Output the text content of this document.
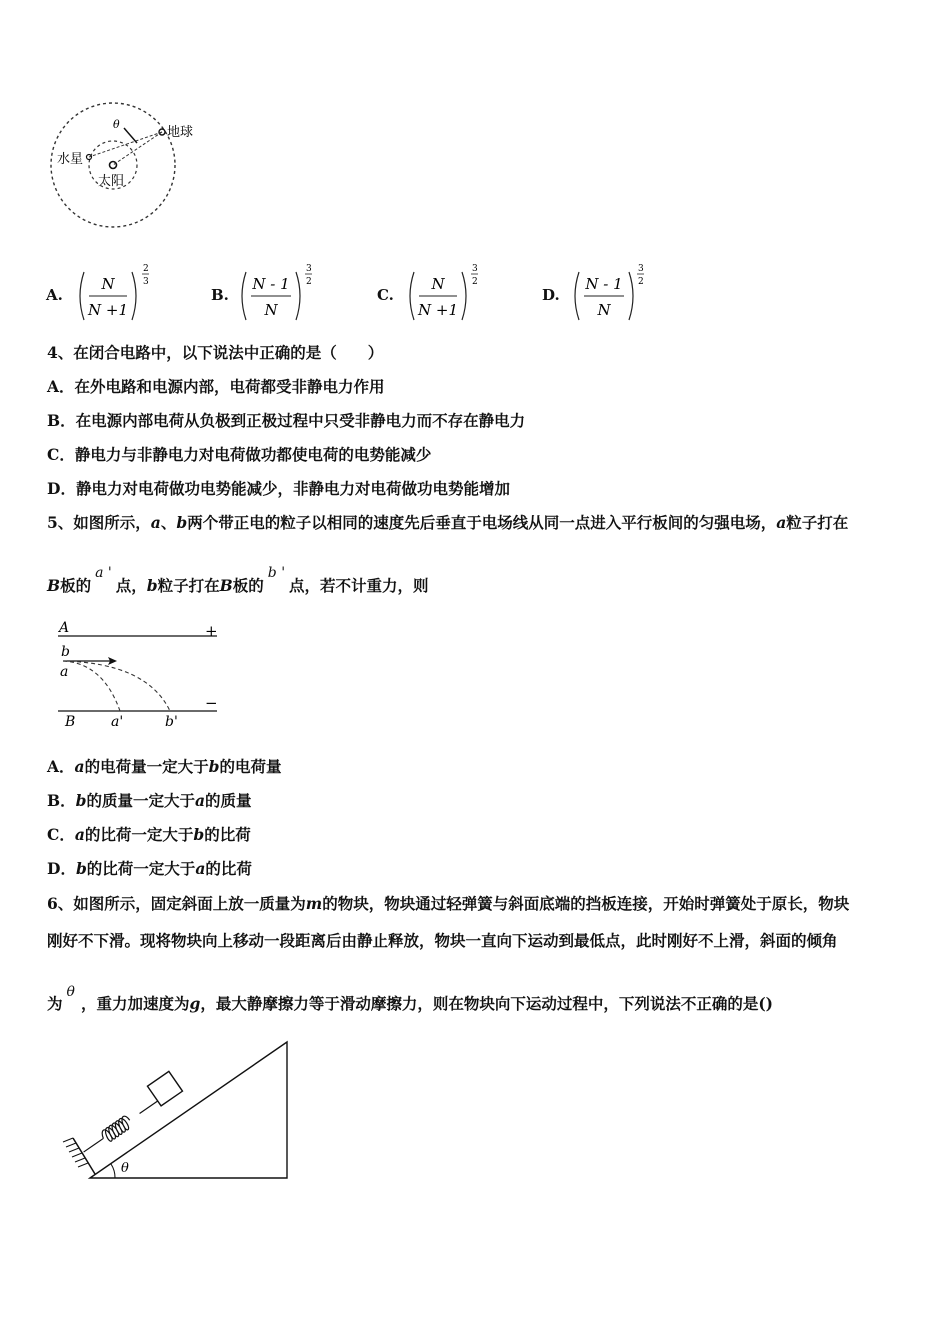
θ
地球
水星
太阳
A.
N
N +1
2
3
B.
N - 1
N
3
2
C.
N
N +1
3
2
D.
N - 1
N
3
2
4、在闭合电路中，以下说法中正确的是（　　）
A．在外电路和电源内部，电荷都受非静电力作用
B．在电源内部电荷从负极到正极过程中只受非静电力而不存在静电力
C．静电力与非静电力对电荷做功都使电荷的电势能减少
D．静电力对电荷做功电势能减少，非静电力对电荷做功电势能增加
5、如图所示，a、b两个带正电的粒子以相同的速度先后垂直于电场线从同一点进入平行板间的匀强电场，a粒子打在
B板的a '点，b粒子打在B板的b '点，若不计重力，则
A	+
b
a
B	a'	b'
−
A．a的电荷量一定大于b的电荷量
B．b的质量一定大于a的质量
C．a的比荷一定大于b的比荷
D．b的比荷一定大于a的比荷
6、如图所示，固定斜面上放一质量为m的物块，物块通过轻弹簧与斜面底端的挡板连接，开始时弹簧处于原长，物块
刚好不下滑。现将物块向上移动一段距离后由静止释放，物块一直向下运动到最低点，此时刚好不上滑，斜面的倾角
为θ，重力加速度为g，最大静摩擦力等于滑动摩擦力，则在物块向下运动过程中，下列说法不正确的是()
θ
